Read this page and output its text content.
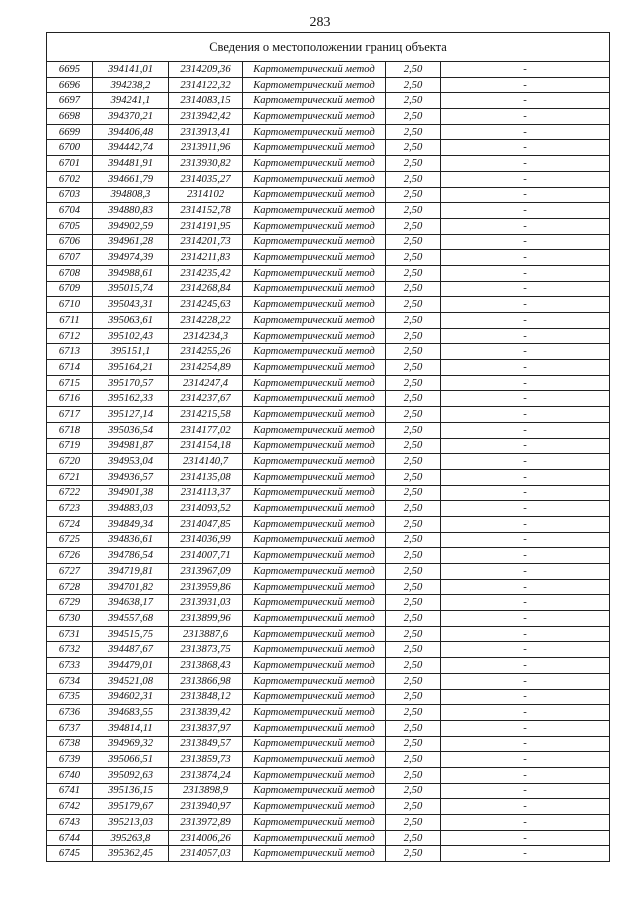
283
Сведения о местоположении границ объекта					
6695	394141,01	2314209,36	Картометрический метод	2,50	-
6696	394238,2	2314122,32	Картометрический метод	2,50	-
6697	394241,1	2314083,15	Картометрический метод	2,50	-
6698	394370,21	2313942,42	Картометрический метод	2,50	-
6699	394406,48	2313913,41	Картометрический метод	2,50	-
6700	394442,74	2313911,96	Картометрический метод	2,50	-
6701	394481,91	2313930,82	Картометрический метод	2,50	-
6702	394661,79	2314035,27	Картометрический метод	2,50	-
6703	394808,3	2314102	Картометрический метод	2,50	-
6704	394880,83	2314152,78	Картометрический метод	2,50	-
6705	394902,59	2314191,95	Картометрический метод	2,50	-
6706	394961,28	2314201,73	Картометрический метод	2,50	-
6707	394974,39	2314211,83	Картометрический метод	2,50	-
6708	394988,61	2314235,42	Картометрический метод	2,50	-
6709	395015,74	2314268,84	Картометрический метод	2,50	-
6710	395043,31	2314245,63	Картометрический метод	2,50	-
6711	395063,61	2314228,22	Картометрический метод	2,50	-
6712	395102,43	2314234,3	Картометрический метод	2,50	-
6713	395151,1	2314255,26	Картометрический метод	2,50	-
6714	395164,21	2314254,89	Картометрический метод	2,50	-
6715	395170,57	2314247,4	Картометрический метод	2,50	-
6716	395162,33	2314237,67	Картометрический метод	2,50	-
6717	395127,14	2314215,58	Картометрический метод	2,50	-
6718	395036,54	2314177,02	Картометрический метод	2,50	-
6719	394981,87	2314154,18	Картометрический метод	2,50	-
6720	394953,04	2314140,7	Картометрический метод	2,50	-
6721	394936,57	2314135,08	Картометрический метод	2,50	-
6722	394901,38	2314113,37	Картометрический метод	2,50	-
6723	394883,03	2314093,52	Картометрический метод	2,50	-
6724	394849,34	2314047,85	Картометрический метод	2,50	-
6725	394836,61	2314036,99	Картометрический метод	2,50	-
6726	394786,54	2314007,71	Картометрический метод	2,50	-
6727	394719,81	2313967,09	Картометрический метод	2,50	-
6728	394701,82	2313959,86	Картометрический метод	2,50	-
6729	394638,17	2313931,03	Картометрический метод	2,50	-
6730	394557,68	2313899,96	Картометрический метод	2,50	-
6731	394515,75	2313887,6	Картометрический метод	2,50	-
6732	394487,67	2313873,75	Картометрический метод	2,50	-
6733	394479,01	2313868,43	Картометрический метод	2,50	-
6734	394521,08	2313866,98	Картометрический метод	2,50	-
6735	394602,31	2313848,12	Картометрический метод	2,50	-
6736	394683,55	2313839,42	Картометрический метод	2,50	-
6737	394814,11	2313837,97	Картометрический метод	2,50	-
6738	394969,32	2313849,57	Картометрический метод	2,50	-
6739	395066,51	2313859,73	Картометрический метод	2,50	-
6740	395092,63	2313874,24	Картометрический метод	2,50	-
6741	395136,15	2313898,9	Картометрический метод	2,50	-
6742	395179,67	2313940,97	Картометрический метод	2,50	-
6743	395213,03	2313972,89	Картометрический метод	2,50	-
6744	395263,8	2314006,26	Картометрический метод	2,50	-
6745	395362,45	2314057,03	Картометрический метод	2,50	-
